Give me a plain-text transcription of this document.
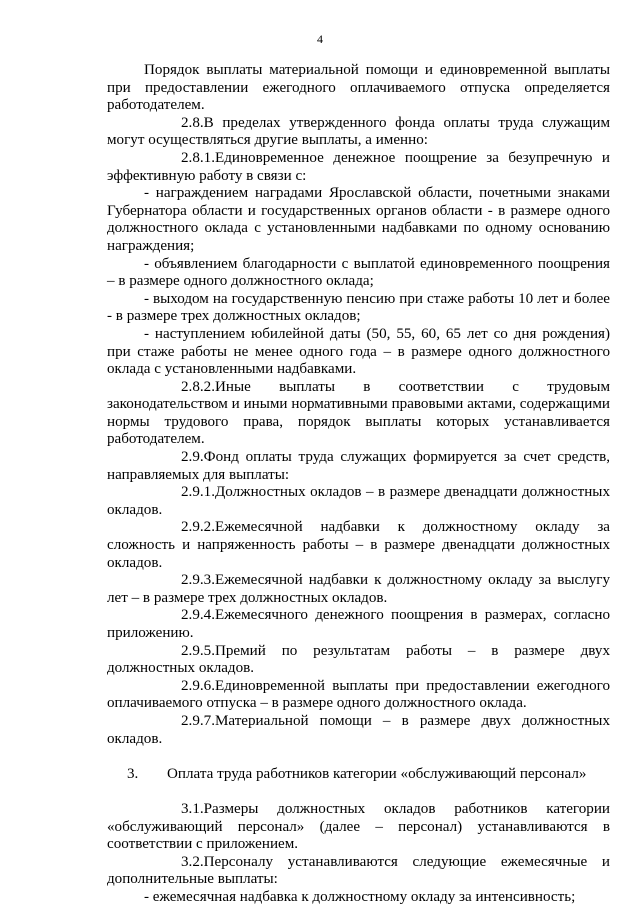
4

Порядок выплаты материальной помощи и единовременной выплаты при предоставлении ежегодного оплачиваемого отпуска определяется работодателем.

2.8.В пределах утвержденного фонда оплаты труда служащим могут осуществляться другие выплаты, а именно:

2.8.1.Единовременное денежное поощрение за безупречную и эффективную работу в связи с:

- награждением наградами Ярославской области, почетными знаками Губернатора области и государственных органов области - в размере одного должностного оклада с установленными надбавками по одному основанию награждения;

- объявлением благодарности с выплатой единовременного поощрения – в размере одного должностного оклада;

- выходом на государственную пенсию при стаже работы 10 лет и более - в размере трех должностных окладов;

- наступлением юбилейной даты (50, 55, 60, 65 лет со дня рождения) при стаже работы не менее одного года – в размере одного должностного оклада с установленными надбавками.

2.8.2.Иные выплаты в соответствии с трудовым законодательством и иными нормативными правовыми актами, содержащими нормы трудового права, порядок выплаты которых устанавливается работодателем.

2.9.Фонд оплаты труда служащих формируется за счет средств, направляемых для выплаты:

2.9.1.Должностных окладов – в размере двенадцати должностных окладов.

2.9.2.Ежемесячной надбавки к должностному окладу за сложность и напряженность работы – в размере двенадцати должностных окладов.

2.9.3.Ежемесячной надбавки к должностному окладу за выслугу лет – в размере трех должностных окладов.

2.9.4.Ежемесячного денежного поощрения в размерах, согласно приложению.

2.9.5.Премий по результатам работы – в размере двух должностных окладов.

2.9.6.Единовременной выплаты при предоставлении ежегодного оплачиваемого отпуска – в размере одного должностного оклада.

2.9.7.Материальной помощи – в размере двух должностных окладов.

3. Оплата труда работников категории «обслуживающий персонал»

3.1.Размеры должностных окладов работников категории «обслуживающий персонал» (далее – персонал) устанавливаются в соответствии с приложением.

3.2.Персоналу устанавливаются следующие ежемесячные и дополнительные выплаты:

- ежемесячная надбавка к должностному окладу за интенсивность;
